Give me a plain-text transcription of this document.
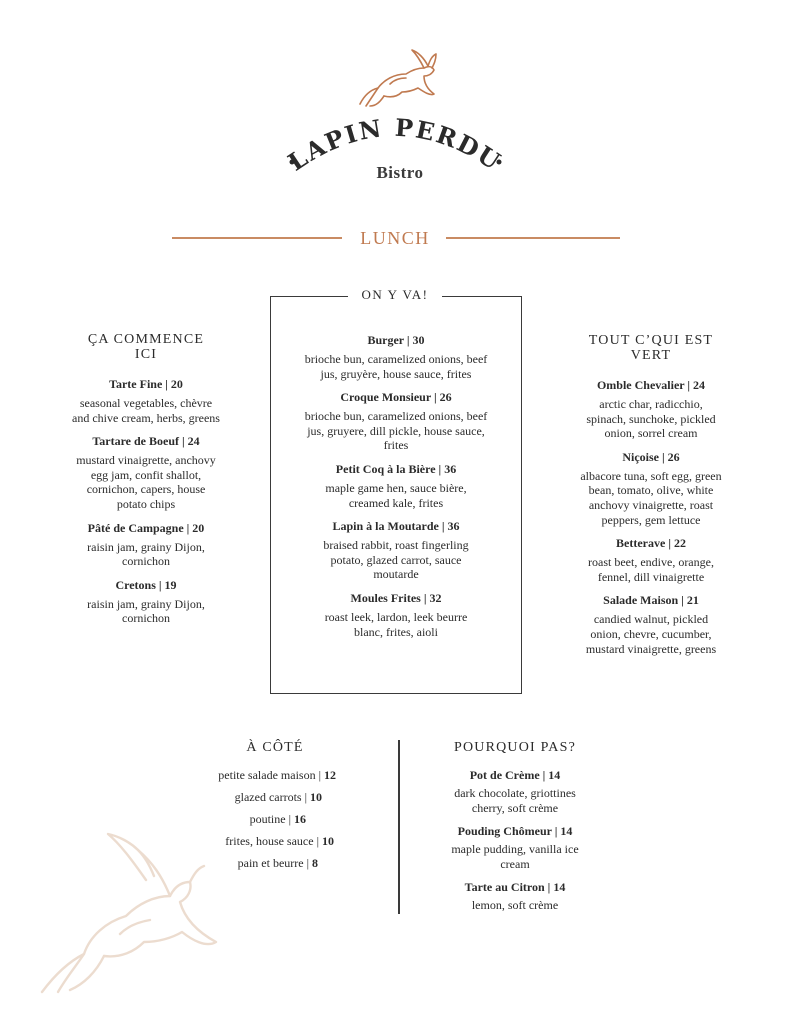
LAPIN PERDU
Bistro
LUNCH
ÇA COMMENCE ICI
Tarte Fine | 20
seasonal vegetables, chèvre and chive cream, herbs, greens
Tartare de Boeuf | 24
mustard vinaigrette, anchovy egg jam, confit shallot, cornichon, capers, house potato chips
Pâté de Campagne | 20
raisin jam, grainy Dijon, cornichon
Cretons | 19
raisin jam, grainy Dijon, cornichon
ON Y VA!
Burger | 30
brioche bun, caramelized onions, beef jus, gruyère, house sauce, frites
Croque Monsieur | 26
brioche bun, caramelized onions, beef jus, gruyere, dill pickle, house sauce, frites
Petit Coq à la Bière | 36
maple game hen, sauce bière, creamed kale, frites
Lapin à la Moutarde | 36
braised rabbit, roast fingerling potato, glazed carrot, sauce moutarde
Moules Frites | 32
roast leek, lardon, leek beurre blanc, frites, aioli
TOUT C’QUI EST VERT
Omble Chevalier | 24
arctic char, radicchio, spinach, sunchoke, pickled onion, sorrel cream
Niçoise | 26
albacore tuna, soft egg, green bean, tomato, olive, white anchovy vinaigrette, roast peppers, gem lettuce
Betterave | 22
roast beet, endive, orange, fennel, dill vinaigrette
Salade Maison | 21
candied walnut, pickled onion, chevre, cucumber, mustard vinaigrette, greens
À CÔTÉ
petite salade maison | 12
glazed carrots | 10
poutine | 16
frites, house sauce | 10
pain et beurre | 8
POURQUOI PAS?
Pot de Crème | 14
dark chocolate, griottines cherry, soft crème
Pouding Chômeur | 14
maple pudding, vanilla ice cream
Tarte au Citron | 14
lemon, soft crème
